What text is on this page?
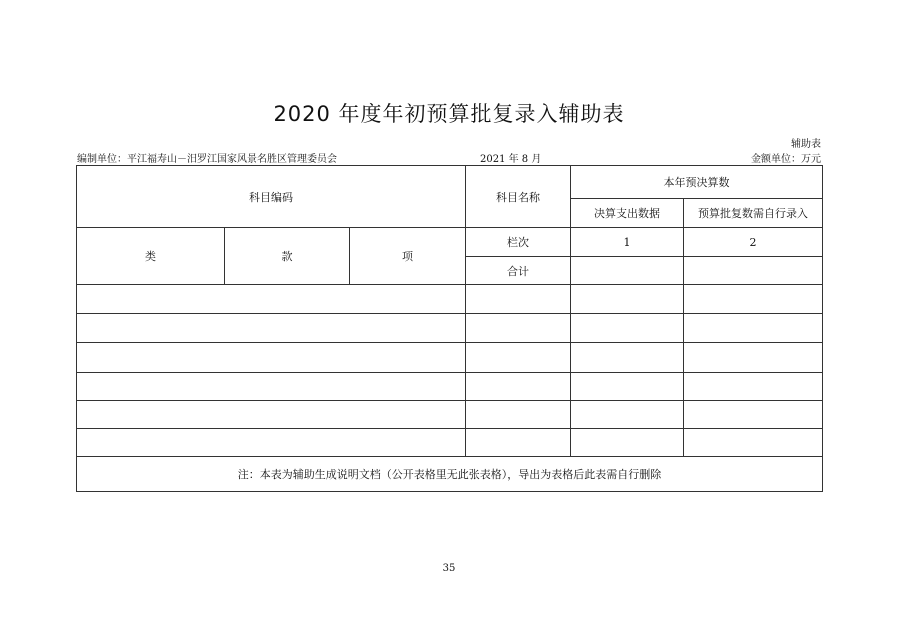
2020 年度年初预算批复录入辅助表
辅助表
编制单位：平江福寿山－汨罗江国家风景名胜区管理委员会	2021 年 8 月	金额单位：万元
科目编码			科目名称	本年预决算数	
				决算支出数据	预算批复数需自行录入
类	款	项	栏次	1	2
			合计		

注：本表为辅助生成说明文档（公开表格里无此张表格），导出为表格后此表需自行删除					
35
